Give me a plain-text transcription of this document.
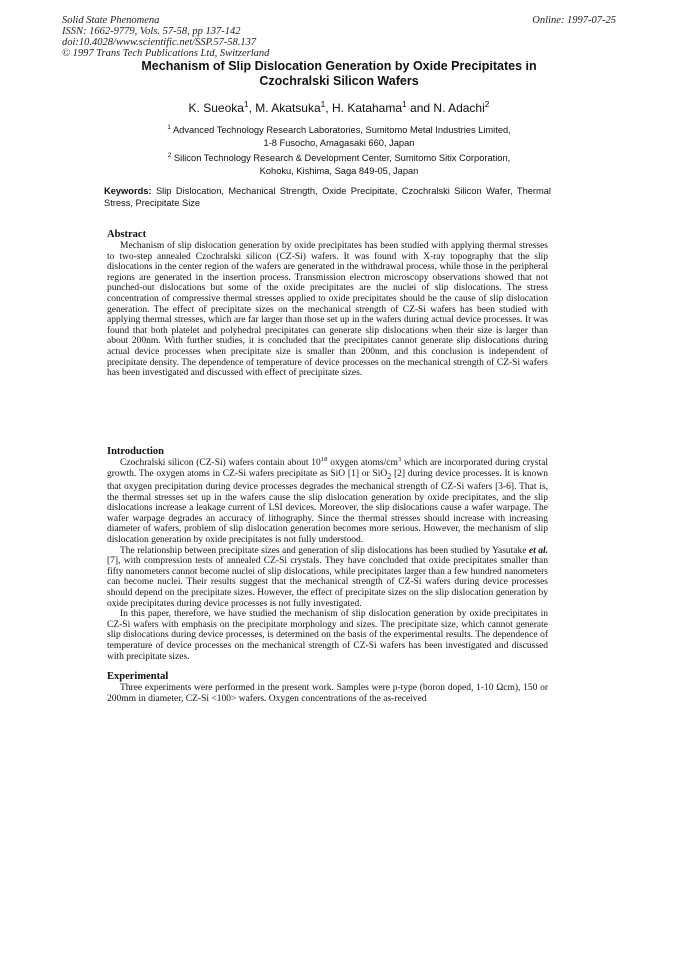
Solid State Phenomena
ISSN: 1662-9779, Vols. 57-58, pp 137-142
doi:10.4028/www.scientific.net/SSP.57-58.137
© 1997 Trans Tech Publications Ltd, Switzerland
Online: 1997-07-25
Mechanism of Slip Dislocation Generation by Oxide Precipitates in
Czochralski Silicon Wafers
K. Sueoka$^1$, M. Akatsuka$^1$, H. Katahama$^1$ and N. Adachi$^2$
$^1$ Advanced Technology Research Laboratories, Sumitomo Metal Industries Limited,
1-8 Fusocho, Amagasaki 660, Japan
$^2$ Silicon Technology Research & Development Center, Sumitomo Sitix Corporation,
Kohoku, Kishima, Saga 849-05, Japan
Keywords: Slip Dislocation, Mechanical Strength, Oxide Precipitate, Czochralski Silicon Wafer, Thermal Stress, Precipitate Size
Abstract

Mechanism of slip dislocation generation by oxide precipitates has been studied with applying thermal stresses to two-step annealed Czochralski silicon (CZ-Si) wafers. It was found with X-ray topography that the slip dislocations in the center region of the wafers are generated in the withdrawal process, while those in the peripheral regions are generated in the insertion process. Transmission electron microscopy observations showed that not punched-out dislocations but some of the oxide precipitates are the nuclei of slip dislocations. The stress concentration of compressive thermal stresses applied to oxide precipitates should be the cause of slip dislocation generation. The effect of precipitate sizes on the mechanical strength of CZ-Si wafers has been studied with applying thermal stresses, which are far larger than those set up in the wafers during actual device processes. It was found that both platelet and polyhedral precipitates can generate slip dislocations when their size is larger than about 200nm. With further studies, it is concluded that the precipitates cannot generate slip dislocations during actual device processes when precipitate size is smaller than 200nm, and this conclusion is independent of precipitate density. The dependence of temperature of device processes on the mechanical strength of CZ-Si wafers has been investigated and discussed with effect of precipitate sizes.

Introduction

Czochralski silicon (CZ-Si) wafers contain about $10^{18}$ oxygen atoms/$cm^3$ which are incorporated during crystal growth. The oxygen atoms in CZ-Si wafers precipitate as SiO [1] or SiO$_2$ [2] during device processes. It is known that oxygen precipitation during device processes degrades the mechanical strength of CZ-Si wafers [3-6]. That is, the thermal stresses set up in the wafers cause the slip dislocation generation by oxide precipitates, and the slip dislocations increase a leakage current of LSI devices. Moreover, the slip dislocations cause a wafer warpage. The wafer warpage degrades an accuracy of lithography. Since the thermal stresses should increase with increasing diameter of wafers, problem of slip dislocation generation becomes more serious. However, the mechanism of slip dislocation generation by oxide precipitates is not fully understood.

The relationship between precipitate sizes and generation of slip dislocations has been studied by Yasutake et al. [7], with compression tests of annealed CZ-Si crystals. They have concluded that oxide precipitates smaller than fifty nanometers cannot become nuclei of slip dislocations, while precipitates larger than a few hundred nanometers can become nuclei. Their results suggest that the mechanical strength of CZ-Si wafers during device processes should depend on the precipitate sizes. However, the effect of precipitate sizes on the slip dislocation generation by oxide precipitates during device processes is not fully investigated.

In this paper, therefore, we have studied the mechanism of slip dislocation generation by oxide precipitates in CZ-Si wafers with emphasis on the precipitate morphology and sizes. The precipitate size, which cannot generate slip dislocations during device processes, is determined on the basis of the experimental results. The dependence of temperature of device processes on the mechanical strength of CZ-Si wafers has been investigated and discussed with precipitate sizes.

Experimental

Three experiments were performed in the present work. Samples were p-type (boron doped, 1-10 Ωcm), 150 or 200mm in diameter, CZ-Si <100> wafers. Oxygen concentrations of the as-received
